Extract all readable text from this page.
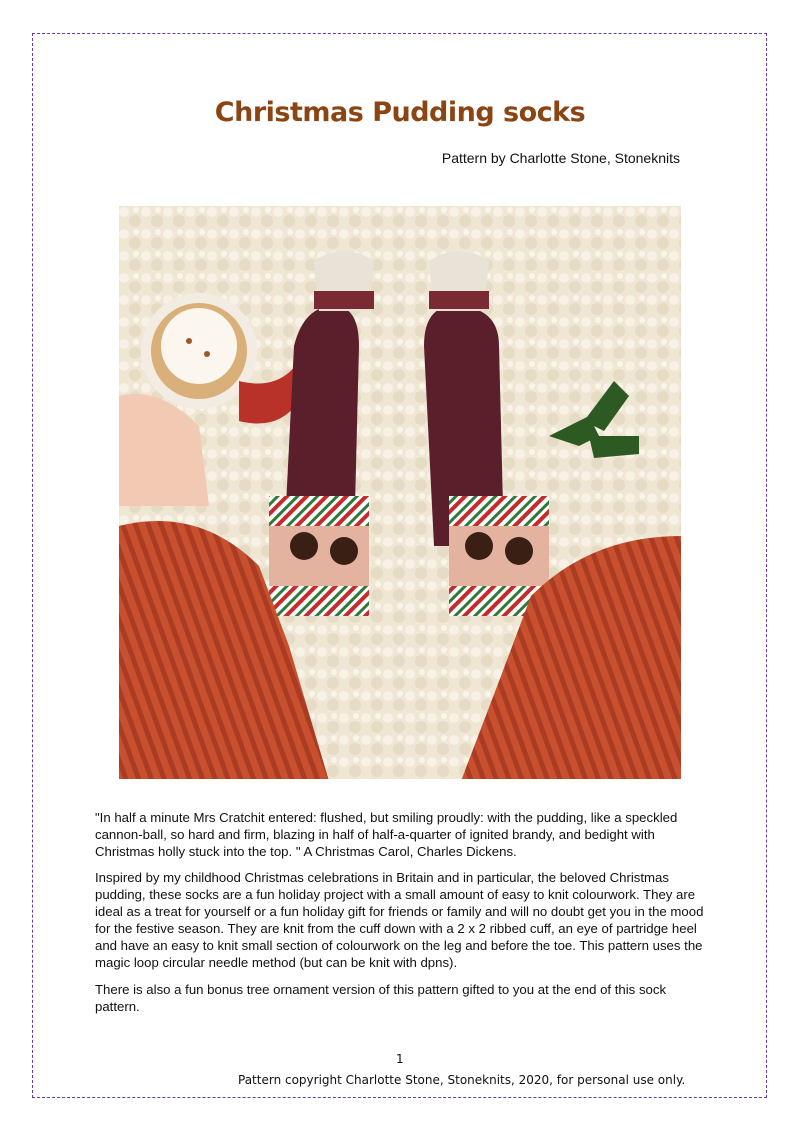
Christmas Pudding socks
Pattern by Charlotte Stone, Stoneknits
"In half a minute Mrs Cratchit entered: flushed, but smiling proudly: with the pudding, like a speckled cannon-ball, so hard and firm, blazing in half of half-a-quarter of ignited brandy, and bedight with Christmas holly stuck into the top. " A Christmas Carol, Charles Dickens.
Inspired by my childhood Christmas celebrations in Britain and in particular, the beloved Christmas pudding, these socks are a fun holiday project with a small amount of easy to knit colourwork. They are ideal as a treat for yourself or a fun holiday gift for friends or family and will no doubt get you in the mood for the festive season. They are knit from the cuff down with a 2 x 2 ribbed cuff, an eye of partridge heel and have an easy to knit small section of colourwork on the leg and before the toe. This pattern uses the magic loop circular needle method (but can be knit with dpns).
There is also a fun bonus tree ornament version of this pattern gifted to you at the end of this sock pattern.
1
Pattern copyright Charlotte Stone, Stoneknits, 2020, for personal use only.
